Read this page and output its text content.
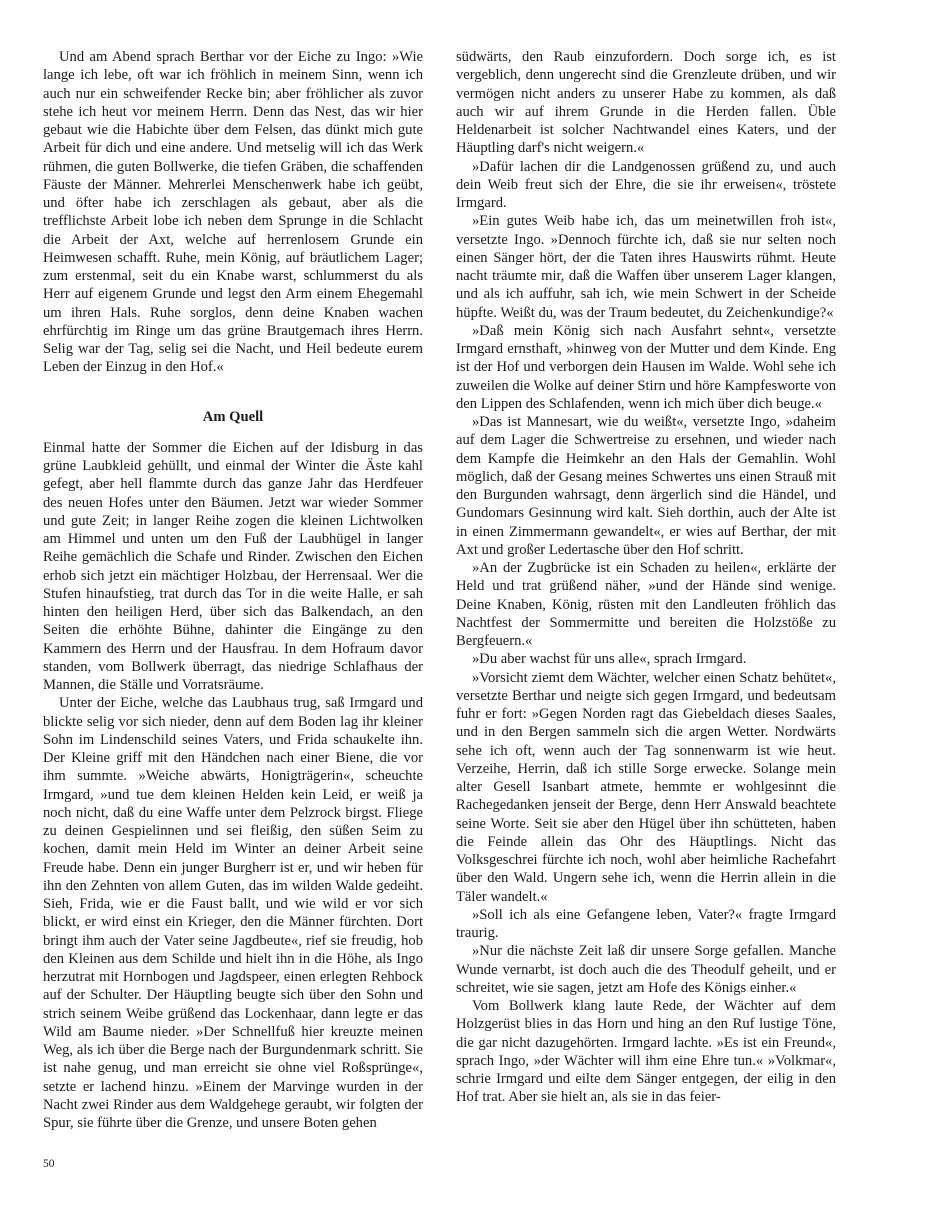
Und am Abend sprach Berthar vor der Eiche zu Ingo: »Wie lange ich lebe, oft war ich fröhlich in meinem Sinn, wenn ich auch nur ein schweifender Recke bin; aber fröhlicher als zuvor stehe ich heut vor meinem Herrn. Denn das Nest, das wir hier gebaut wie die Habichte über dem Felsen, das dünkt mich gute Arbeit für dich und eine andere. Und metselig will ich das Werk rühmen, die guten Bollwerke, die tiefen Gräben, die schaffenden Fäuste der Männer. Mehrerlei Menschenwerk habe ich geübt, und öfter habe ich zerschlagen als gebaut, aber als die trefflichste Arbeit lobe ich neben dem Sprunge in die Schlacht die Arbeit der Axt, welche auf herrenlosem Grunde ein Heimwesen schafft. Ruhe, mein König, auf bräutlichem Lager; zum erstenmal, seit du ein Knabe warst, schlummerst du als Herr auf eigenem Grunde und legst den Arm einem Ehegemahl um ihren Hals. Ruhe sorglos, denn deine Knaben wachen ehrfürchtig im Ringe um das grüne Brautgemach ihres Herrn. Selig war der Tag, selig sei die Nacht, und Heil bedeute eurem Leben der Einzug in den Hof.«

Am Quell

Einmal hatte der Sommer die Eichen auf der Idisburg in das grüne Laubkleid gehüllt, und einmal der Winter die Äste kahl gefegt, aber hell flammte durch das ganze Jahr das Herdfeuer des neuen Hofes unter den Bäumen. Jetzt war wieder Sommer und gute Zeit; in langer Reihe zogen die kleinen Lichtwolken am Himmel und unten um den Fuß der Laubhügel in langer Reihe gemächlich die Schafe und Rinder. Zwischen den Eichen erhob sich jetzt ein mächtiger Holzbau, der Herrensaal. Wer die Stufen hinaufstieg, trat durch das Tor in die weite Halle, er sah hinten den heiligen Herd, über sich das Balkendach, an den Seiten die erhöhte Bühne, dahinter die Eingänge zu den Kammern des Herrn und der Hausfrau. In dem Hofraum davor standen, vom Bollwerk überragt, das niedrige Schlafhaus der Mannen, die Ställe und Vorratsräume.

Unter der Eiche, welche das Laubhaus trug, saß Irmgard und blickte selig vor sich nieder, denn auf dem Boden lag ihr kleiner Sohn im Lindenschild seines Vaters, und Frida schaukelte ihn. Der Kleine griff mit den Händchen nach einer Biene, die vor ihm summte. »Weiche abwärts, Honigträgerin«, scheuchte Irmgard, »und tue dem kleinen Helden kein Leid, er weiß ja noch nicht, daß du eine Waffe unter dem Pelzrock birgst. Fliege zu deinen Gespielinnen und sei fleißig, den süßen Seim zu kochen, damit mein Held im Winter an deiner Arbeit seine Freude habe. Denn ein junger Burgherr ist er, und wir heben für ihn den Zehnten von allem Guten, das im wilden Walde gedeiht. Sieh, Frida, wie er die Faust ballt, und wie wild er vor sich blickt, er wird einst ein Krieger, den die Männer fürchten. Dort bringt ihm auch der Vater seine Jagdbeute«, rief sie freudig, hob den Kleinen aus dem Schilde und hielt ihn in die Höhe, als Ingo herzutrat mit Hornbogen und Jagdspeer, einen erlegten Rehbock auf der Schulter. Der Häuptling beugte sich über den Sohn und strich seinem Weibe grüßend das Lockenhaar, dann legte er das Wild am Baume nieder. »Der Schnellfuß hier kreuzte meinen Weg, als ich über die Berge nach der Burgundenmark schritt. Sie ist nahe genug, und man erreicht sie ohne viel Roßsprünge«, setzte er lachend hinzu. »Einem der Marvinge wurden in der Nacht zwei Rinder aus dem Waldgehege geraubt, wir folgten der Spur, sie führte über die Grenze, und unsere Boten gehen

südwärts, den Raub einzufordern. Doch sorge ich, es ist vergeblich, denn ungerecht sind die Grenzleute drüben, und wir vermögen nicht anders zu unserer Habe zu kommen, als daß auch wir auf ihrem Grunde in die Herden fallen. Üble Heldenarbeit ist solcher Nachtwandel eines Katers, und der Häuptling darf's nicht weigern.«

»Dafür lachen dir die Landgenossen grüßend zu, und auch dein Weib freut sich der Ehre, die sie ihr erweisen«, tröstete Irmgard.

»Ein gutes Weib habe ich, das um meinetwillen froh ist«, versetzte Ingo. »Dennoch fürchte ich, daß sie nur selten noch einen Sänger hört, der die Taten ihres Hauswirts rühmt. Heute nacht träumte mir, daß die Waffen über unserem Lager klangen, und als ich auffuhr, sah ich, wie mein Schwert in der Scheide hüpfte. Weißt du, was der Traum bedeutet, du Zeichenkundige?«

»Daß mein König sich nach Ausfahrt sehnt«, versetzte Irmgard ernsthaft, »hinweg von der Mutter und dem Kinde. Eng ist der Hof und verborgen dein Hausen im Walde. Wohl sehe ich zuweilen die Wolke auf deiner Stirn und höre Kampfesworte von den Lippen des Schlafenden, wenn ich mich über dich beuge.«

»Das ist Mannesart, wie du weißt«, versetzte Ingo, »daheim auf dem Lager die Schwertreise zu ersehnen, und wieder nach dem Kampfe die Heimkehr an den Hals der Gemahlin. Wohl möglich, daß der Gesang meines Schwertes uns einen Strauß mit den Burgunden wahrsagt, denn ärgerlich sind die Händel, und Gundomars Gesinnung wird kalt. Sieh dorthin, auch der Alte ist in einen Zimmermann gewandelt«, er wies auf Berthar, der mit Axt und großer Ledertasche über den Hof schritt.

»An der Zugbrücke ist ein Schaden zu heilen«, erklärte der Held und trat grüßend näher, »und der Hände sind wenige. Deine Knaben, König, rüsten mit den Landleuten fröhlich das Nachtfest der Sommermitte und bereiten die Holzstöße zu Bergfeuern.«

»Du aber wachst für uns alle«, sprach Irmgard.

»Vorsicht ziemt dem Wächter, welcher einen Schatz behütet«, versetzte Berthar und neigte sich gegen Irmgard, und bedeutsam fuhr er fort: »Gegen Norden ragt das Giebeldach dieses Saales, und in den Bergen sammeln sich die argen Wetter. Nordwärts sehe ich oft, wenn auch der Tag sonnenwarm ist wie heut. Verzeihe, Herrin, daß ich stille Sorge erwecke. Solange mein alter Gesell Isanbart atmete, hemmte er wohlgesinnt die Rachegedanken jenseit der Berge, denn Herr Answald beachtete seine Worte. Seit sie aber den Hügel über ihn schütteten, haben die Feinde allein das Ohr des Häuptlings. Nicht das Volksgeschrei fürchte ich noch, wohl aber heimliche Rachefahrt über den Wald. Ungern sehe ich, wenn die Herrin allein in die Täler wandelt.«

»Soll ich als eine Gefangene leben, Vater?« fragte Irmgard traurig.

»Nur die nächste Zeit laß dir unsere Sorge gefallen. Manche Wunde vernarbt, ist doch auch die des Theodulf geheilt, und er schreitet, wie sie sagen, jetzt am Hofe des Königs einher.«

Vom Bollwerk klang laute Rede, der Wächter auf dem Holzgerüst blies in das Horn und hing an den Ruf lustige Töne, die gar nicht dazugehörten. Irmgard lachte. »Es ist ein Freund«, sprach Ingo, »der Wächter will ihm eine Ehre tun.« »Volkmar«, schrie Irmgard und eilte dem Sänger entgegen, der eilig in den Hof trat. Aber sie hielt an, als sie in das feier-

50
